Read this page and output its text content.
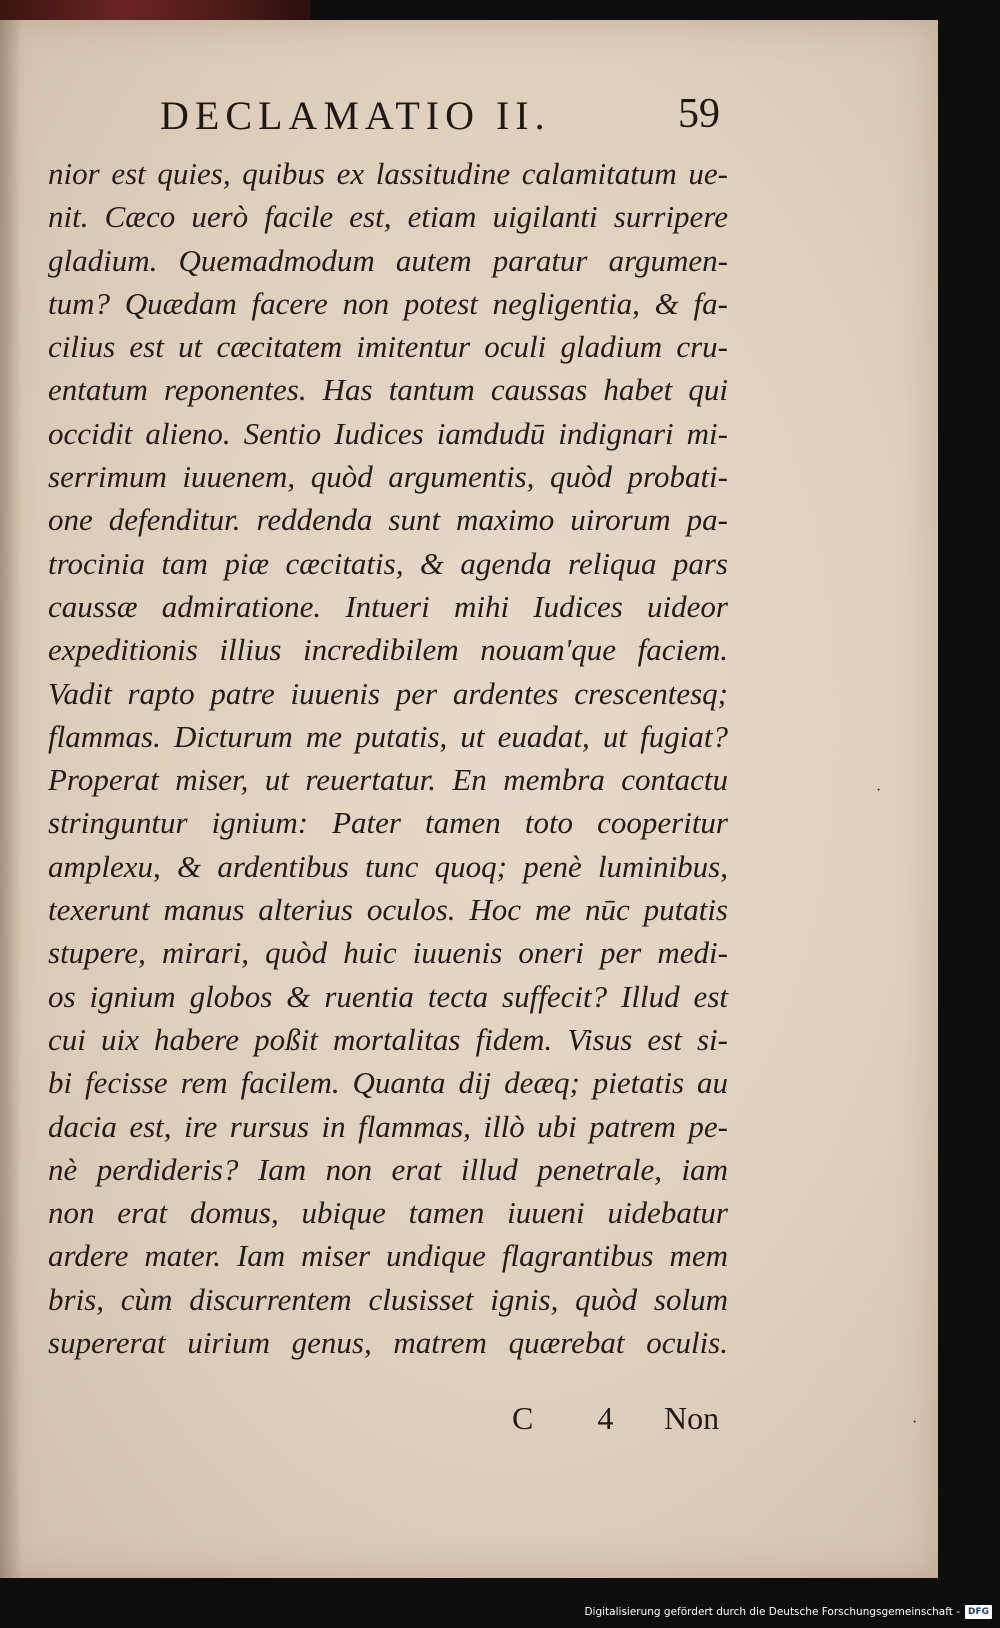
DECLAMATIO II.	59
nior est quies, quibus ex lassitudine calamitatum ue-
nit. Cæco uerò facile est, etiam uigilanti surripere
gladium. Quemadmodum autem paratur argumen-
tum? Quædam facere non potest negligentia, & fa-
cilius est ut cæcitatem imitentur oculi gladium cru-
entatum reponentes. Has tantum caussas habet qui
occidit alieno. Sentio Iudices iamdudū indignari mi-
serrimum iuuenem, quòd argumentis, quòd probati-
one defenditur. reddenda sunt maximo uirorum pa-
trocinia tam piæ cæcitatis, & agenda reliqua pars
caussæ admiratione. Intueri mihi Iudices uideor
expeditionis illius incredibilem nouam'que faciem.
Vadit rapto patre iuuenis per ardentes crescentesq;
flammas. Dicturum me putatis, ut euadat, ut fugiat?
Properat miser, ut reuertatur. En membra contactu
stringuntur ignium: Pater tamen toto cooperitur
amplexu, & ardentibus tunc quoq; penè luminibus,
texerunt manus alterius oculos. Hoc me nūc putatis
stupere, mirari, quòd huic iuuenis oneri per medi-
os ignium globos & ruentia tecta suffecit? Illud est
cui uix habere poßit mortalitas fidem. Visus est si-
bi fecisse rem facilem. Quanta dij deæq; pietatis au
dacia est, ire rursus in flammas, illò ubi patrem pe-
nè perdideris? Iam non erat illud penetrale, iam
non erat domus, ubique tamen iuueni uidebatur
ardere mater. Iam miser undique flagrantibus mem
bris, cùm discurrentem clusisset ignis, quòd solum
supererat uirium genus, matrem quærebat oculis.
C 4 Non
·
·
Digitalisierung gefördert durch die Deutsche Forschungsgemeinschaft - DFG
